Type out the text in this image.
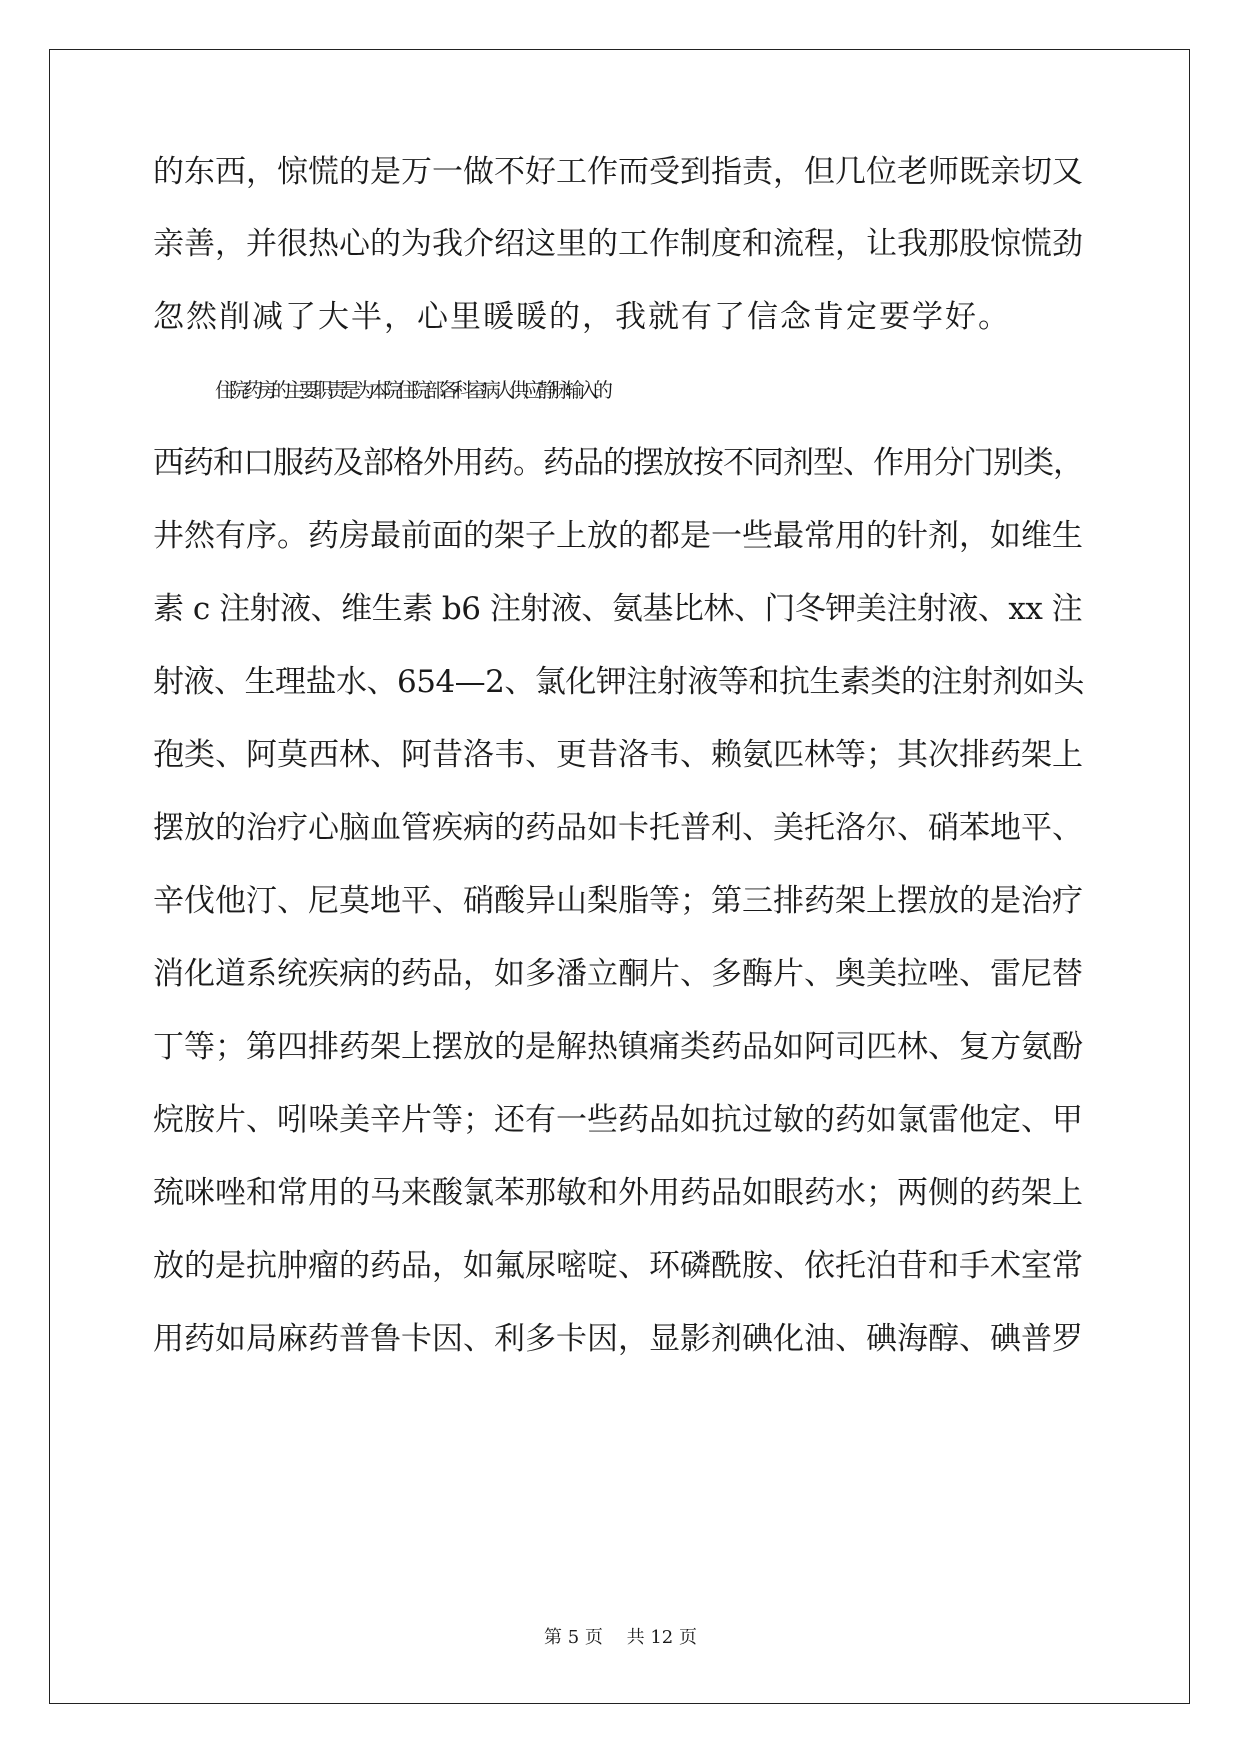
的东西，惊慌的是万一做不好工作而受到指责，但几位老师既亲切又
亲善，并很热心的为我介绍这里的工作制度和流程，让我那股惊慌劲
忽然削减了大半，心里暖暖的，我就有了信念肯定要学好。
住院药房的主要职责是为本院住院部各科室病人供应静脉输入的
西药和口服药及部格外用药。药品的摆放按不同剂型、作用分门别类，
井然有序。药房最前面的架子上放的都是一些最常用的针剂，如维生
素 c 注射液、维生素 b6 注射液、氨基比林、门冬钾美注射液、xx 注
射液、生理盐水、654—2、氯化钾注射液等和抗生素类的注射剂如头
孢类、阿莫西林、阿昔洛韦、更昔洛韦、赖氨匹林等；其次排药架上
摆放的治疗心脑血管疾病的药品如卡托普利、美托洛尔、硝苯地平、
辛伐他汀、尼莫地平、硝酸异山梨脂等；第三排药架上摆放的是治疗
消化道系统疾病的药品，如多潘立酮片、多酶片、奥美拉唑、雷尼替
丁等；第四排药架上摆放的是解热镇痛类药品如阿司匹林、复方氨酚
烷胺片、吲哚美辛片等；还有一些药品如抗过敏的药如氯雷他定、甲
巯咪唑和常用的马来酸氯苯那敏和外用药品如眼药水；两侧的药架上
放的是抗肿瘤的药品，如氟尿嘧啶、环磷酰胺、依托泊苷和手术室常
用药如局麻药普鲁卡因、利多卡因，显影剂碘化油、碘海醇、碘普罗
第 5 页　 共 12 页
